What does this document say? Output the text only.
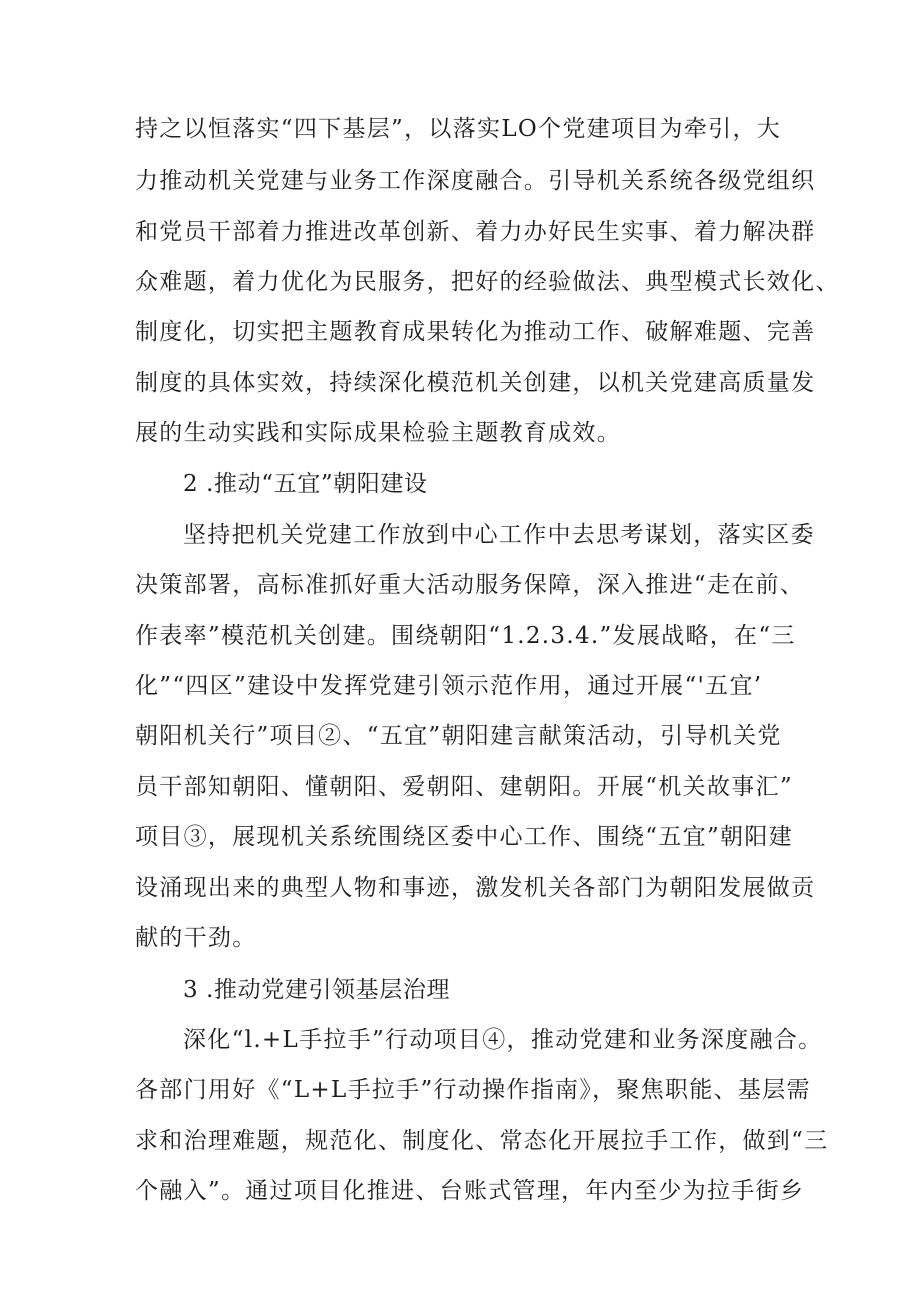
持之以恒落实“四下基层”，以落实LO个党建项目为牵引，大
力推动机关党建与业务工作深度融合。引导机关系统各级党组织
和党员干部着力推进改革创新、着力办好民生实事、着力解决群
众难题，着力优化为民服务，把好的经验做法、典型模式长效化、
制度化，切实把主题教育成果转化为推动工作、破解难题、完善
制度的具体实效，持续深化模范机关创建，以机关党建高质量发
展的生动实践和实际成果检验主题教育成效。
2 .推动“五宜”朝阳建设
坚持把机关党建工作放到中心工作中去思考谋划，落实区委
决策部署，高标准抓好重大活动服务保障，深入推进“走在前、
作表率”模范机关创建。围绕朝阳“1.2.3.4.”发展战略，在“三
化”“四区”建设中发挥党建引领示范作用，通过开展“'五宜’
朝阳机关行”项目②、“五宜”朝阳建言献策活动，引导机关党
员干部知朝阳、懂朝阳、爱朝阳、建朝阳。开展“机关故事汇”
项目③，展现机关系统围绕区委中心工作、围绕“五宜”朝阳建
设涌现出来的典型人物和事迹，激发机关各部门为朝阳发展做贡
献的干劲。
3 .推动党建引领基层治理
深化“l.+L手拉手”行动项目④，推动党建和业务深度融合。
各部门用好《“L+L手拉手”行动操作指南》，聚焦职能、基层需
求和治理难题，规范化、制度化、常态化开展拉手工作，做到“三
个融入”。通过项目化推进、台账式管理，年内至少为拉手街乡
